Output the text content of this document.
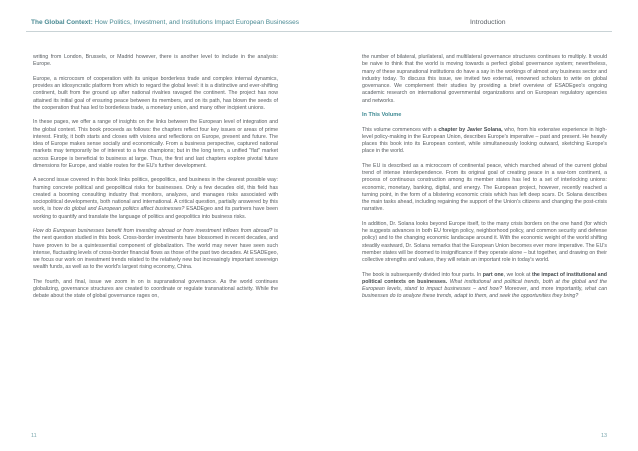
The Global Context: How Politics, Investment, and Institutions Impact European Businesses	Introduction

writing from London, Brussels, or Madrid however, there is another level to include in the analysis: Europe.

Europe, a microcosm of cooperation with its unique borderless trade and complex internal dynamics, provides an idiosyncratic platform from which to regard the global level: it is a distinctive and ever-shifting continent, built from the ground up after national rivalries ravaged the continent. The project has now attained its initial goal of ensuring peace between its members, and on its path, has blown the seeds of the cooperation that has led to borderless trade, a monetary union, and many other incipient unions.

In these pages, we offer a range of insights on the links between the European level of integration and the global context. This book proceeds as follows: the chapters reflect four key issues or areas of prime interest. Firstly, it both starts and closes with visions and reflections on Europe, present and future. The idea of Europe makes sense socially and economically. From a business perspective, captured national markets may temporarily be of interest to a few champions; but in the long term, a unified "flat" market across Europe is beneficial to business at large. Thus, the first and last chapters explore pivotal future dimensions for Europe, and viable routes for the EU's further development.

A second issue covered in this book links politics, geopolitics, and business in the clearest possible way: framing concrete political and geopolitical risks for businesses. Only a few decades old, this field has created a booming consulting industry that monitors, analyzes, and manages risks associated with sociopolitical developments, both national and international. A critical question, partially answered by this work, is how do global and European politics affect businesses? ESADEgeo and its partners have been working to quantify and translate the language of politics and geopolitics into business risks.

How do European businesses benefit from investing abroad or from investment inflows from abroad? is the next question studied in this book. Cross-border investments have blossomed in recent decades, and have proven to be a quintessential component of globalization. The world may never have seen such intense, fluctuating levels of cross-border financial flows as those of the past two decades. At ESADEgeo, we focus our work on investment trends related to the relatively new but increasingly important sovereign wealth funds, as well as to the world's largest rising economy, China.

The fourth, and final, issue we zoom in on is supranational governance. As the world continues globalizing, governance structures are created to coordinate or regulate transnational activity. While the debate about the state of global governance rages on,

the number of bilateral, plurilateral, and multilateral governance structures continues to multiply. It would be naive to think that the world is moving towards a perfect global governance system; nevertheless, many of these supranational institutions do have a say in the workings of almost any business sector and industry today. To discuss this issue, we invited two external, renowned scholars to write on global governance. We complement their studies by providing a brief overview of ESADEgeo's ongoing academic research on international governmental organizations and on European regulatory agencies and networks.

In This Volume

This volume commences with a chapter by Javier Solana, who, from his extensive experience in high-level policy-making in the European Union, describes Europe's imperative – past and present. He heavily places this book into its European context, while simultaneously looking outward, sketching Europe's place in the world.

The EU is described as a microcosm of continental peace, which marched ahead of the current global trend of intense interdependence. From its original goal of creating peace in a war-torn continent, a process of continuous construction among its member states has led to a set of interlocking unions: economic, monetary, banking, digital, and energy. The European project, however, recently reached a turning point, in the form of a blistering economic crisis which has left deep scars. Dr. Solana describes the main tasks ahead, including regaining the support of the Union's citizens and changing the post-crisis narrative.

In addition, Dr. Solana looks beyond Europe itself, to the many crisis borders on the one hand (for which he suggests advances in both EU foreign policy, neighborhood policy, and common security and defense policy) and to the changing economic landscape around it. With the economic weight of the world shifting steadily eastward, Dr. Solana remarks that the European Union becomes ever more imperative. The EU's member states will be doomed to insignificance if they operate alone – but together, and drawing on their collective strengths and values, they will retain an important role in today's world.

The book is subsequently divided into four parts. In part one, we look at the impact of institutional and political contexts on businesses. What institutional and political trends, both at the global and the European levels, stand to impact businesses – and how? Moreover, and more importantly, what can businesses do to analyze these trends, adapt to them, and seek the opportunities they bring?

11	13
